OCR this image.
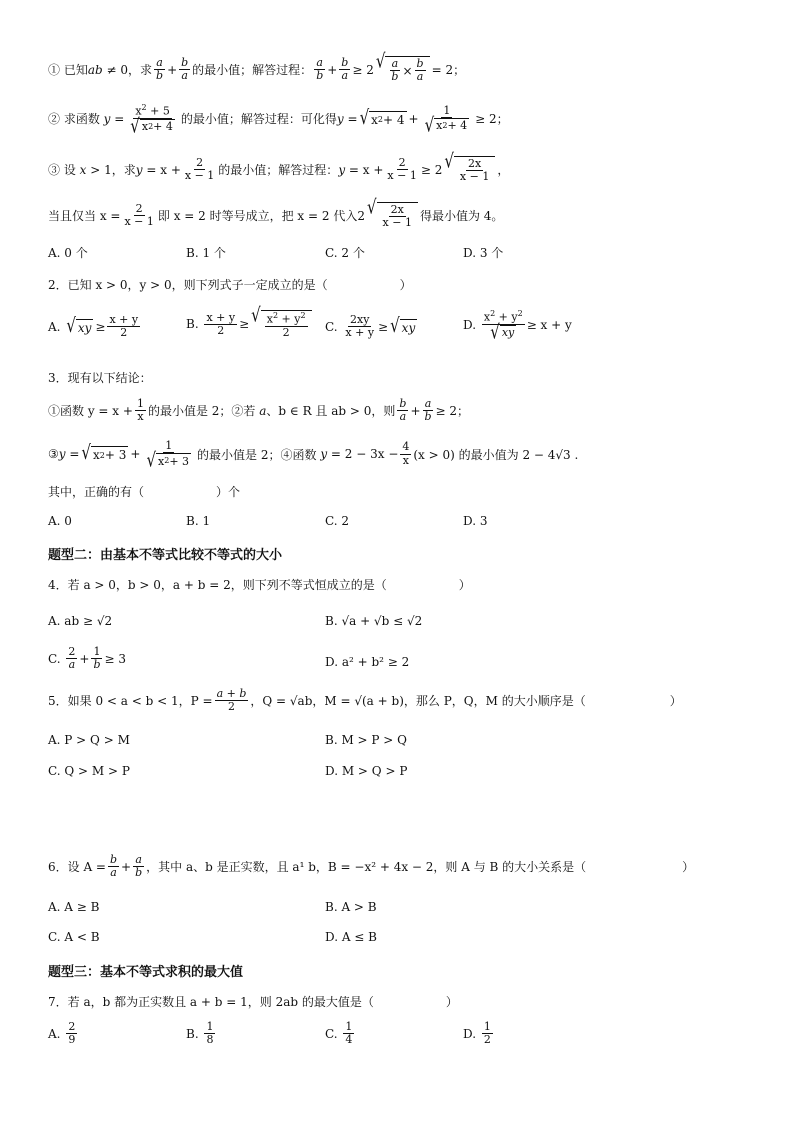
① 已知 ab ≠ 0 ，求 $\frac{a}{b} + \frac{b}{a}$ 的最小值；解答过程： $\frac{a}{b} + \frac{b}{a} \ge 2$ √ $\frac{a}{b} \times \frac{b}{a} = 2$；
② 求函数 $y = \frac{x^2 + 5}{√ x 2 + 4}$ 的最小值；解答过程：可化得 y = √ x $2 + 4 + \frac{1}{√ x 2 + 4} \ge 2$；
③ 设 x > 1 ，求 $y = x + \frac{2}{x - 1}$ 的最小值；解答过程： $y = x + \frac{2}{x - 1} \ge 2$ √ $\frac{2x}{x - 1}$ ，
当且仅当 $x = \frac{2}{x - 1}$ 即 x = 2 时等号成立，把 x = 2 代入 2 √ $\frac{2x}{x - 1}$ 得最小值为 4。
A. 0 个	B. 1 个	C. 2 个	D. 3 个
2．已知 x > 0，y > 0，则下列式子一定成立的是（　　　　　　）
A.
√ xy ≥ $\frac{x + y}{2}$	B.
$\frac{x + y}{2}$ ≥ √ $\frac{x^2 + y^2}{2} C$.
$\frac{2xy}{x + y}$ ≥ √ xy	D.
$\frac{x^2 + y^2}{√ xy} \ge x + y$
3．现有以下结论：
①函数 $y = x + \frac{1}{x}$ 的最小值是 2；②若
a 、b ∈ R 且 ab > 0，则 $\frac{b}{a} + \frac{a}{b} \ge 2$；
③ y = √ x $2 + 3 + \frac{1}{√ x 2 + 3}$ 的最小值是 2；④函数
$y = 2 - 3x - \frac{4}{x} (x > 0)$ 的最小值为 2 − 4√3 .
其中，正确的有（　　　　　　）个
A. 0	B. 1	C. 2	D. 3
题型二：由基本不等式比较不等式的大小
4．若 a > 0，b > 0，a + b = 2，则下列不等式恒成立的是（　　　　　　）
A. ab ≥ √2	B. √a + √b ≤ √2
C.
$\frac{2}{a} + \frac{1}{b} \ge 3$	D. a² + b² ≥ 2
5．如果 0 < a < b < 1，$P = \frac{a + b}{2}$ ，Q = √ab，M = √(a + b)，那么 P，Q，M 的大小顺序是（　　　　　　　）
A. P > Q > M	B. M > P > Q
C. Q > M > P	D. M > Q > P
6．设 $A = \frac{b}{a} + \frac{a}{b}$ ，其中 a、b 是正实数，且 a¹ b，B = −x² + 4x − 2，则 A 与 B 的大小关系是（　　　　　　　　）
A. A ≥ B	B. A > B
C. A < B	D. A ≤ B
题型三：基本不等式求积的最大值
7．若 a，b 都为正实数且 a + b = 1，则 2ab 的最大值是（　　　　　　）
A.
$\frac{2}{9}$	B.
$\frac{1}{8}$	C.
$\frac{1}{4}$	D.
$\frac{1}{2}$
